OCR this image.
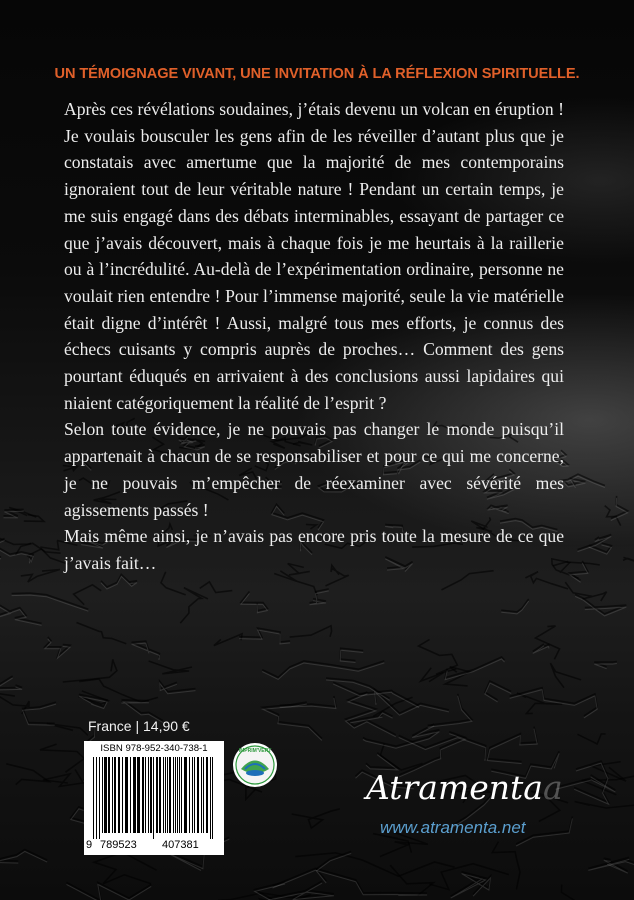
UN TÉMOIGNAGE VIVANT, UNE INVITATION À LA RÉFLEXION SPIRITUELLE.

Après ces révélations soudaines, j’étais devenu un volcan en éruption ! Je voulais bousculer les gens afin de les réveiller d’autant plus que je constatais avec amertume que la majorité de mes contemporains ignoraient tout de leur véritable nature ! Pendant un certain temps, je me suis engagé dans des débats interminables, essayant de partager ce que j’avais découvert, mais à chaque fois je me heurtais à la raillerie ou à l’incrédulité. Au-delà de l’expérimentation ordinaire, personne ne voulait rien entendre ! Pour l’immense majorité, seule la vie matérielle était digne d’intérêt ! Aussi, malgré tous mes efforts, je connus des échecs cuisants y compris auprès de proches… Comment des gens pourtant éduqués en arrivaient à des conclusions aussi lapidaires qui niaient catégoriquement la réalité de l’esprit ?

Selon toute évidence, je ne pouvais pas changer le monde puisqu’il appartenait à chacun de se responsabiliser et pour ce qui me concerne, je ne pouvais m’empêcher de réexaminer avec sévérité mes agissements passés !

Mais même ainsi, je n’avais pas encore pris toute la mesure de ce que j’avais fait…

France | 14,90 €
ISBN 978-952-340-738-1
9 789523 407381
IMPRIM'VERT
Atramentaa
www.atramenta.net
